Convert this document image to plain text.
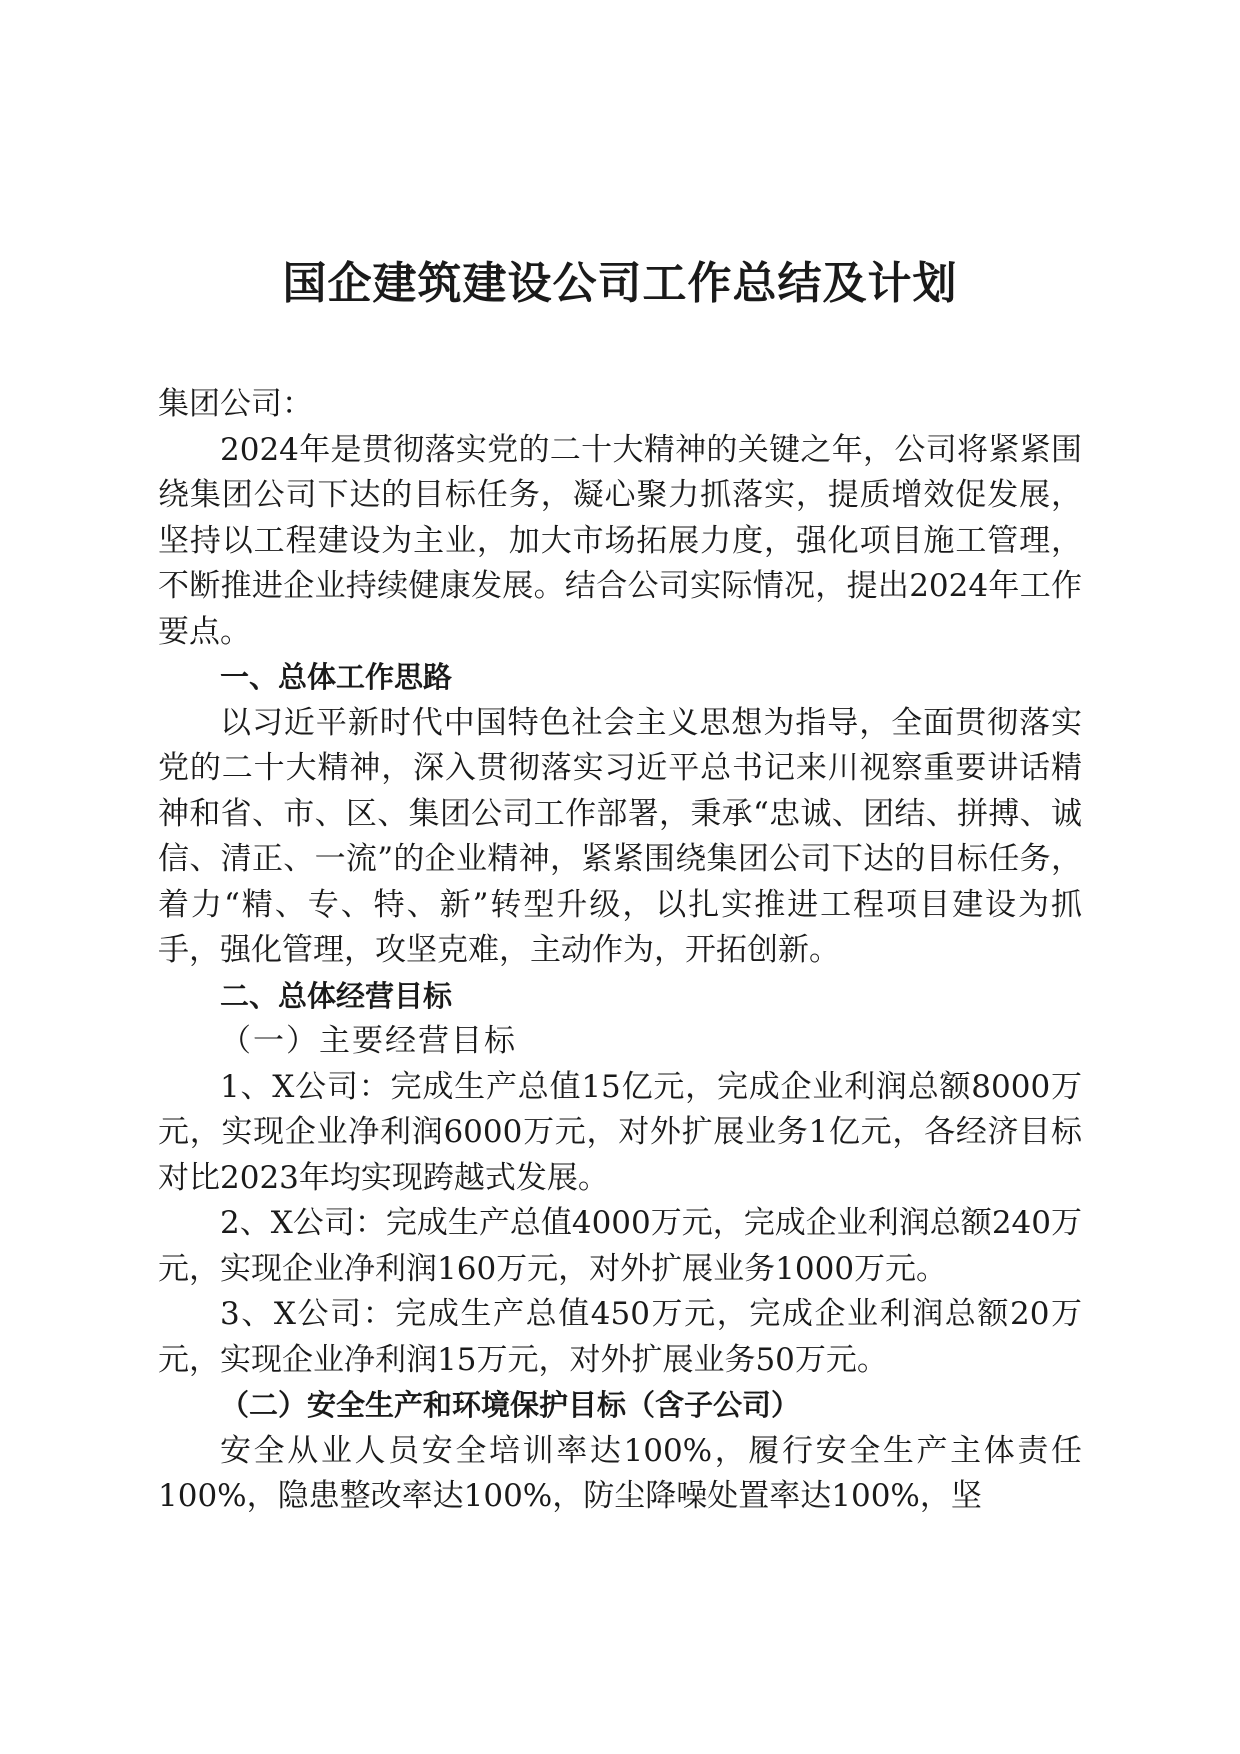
国企建筑建设公司工作总结及计划

集团公司：

2024年是贯彻落实党的二十大精神的关键之年，公司将紧紧围绕集团公司下达的目标任务，凝心聚力抓落实，提质增效促发展，坚持以工程建设为主业，加大市场拓展力度，强化项目施工管理，不断推进企业持续健康发展。结合公司实际情况，提出2024年工作要点。

一、总体工作思路

以习近平新时代中国特色社会主义思想为指导，全面贯彻落实党的二十大精神，深入贯彻落实习近平总书记来川视察重要讲话精神和省、市、区、集团公司工作部署，秉承“忠诚、团结、拼搏、诚信、清正、一流”的企业精神，紧紧围绕集团公司下达的目标任务，着力“精、专、特、新”转型升级，以扎实推进工程项目建设为抓手，强化管理，攻坚克难，主动作为，开拓创新。

二、总体经营目标

（一）主要经营目标

1、X公司：完成生产总值15亿元，完成企业利润总额8000万元，实现企业净利润6000万元，对外扩展业务1亿元，各经济目标对比2023年均实现跨越式发展。

2、X公司：完成生产总值4000万元，完成企业利润总额240万元，实现企业净利润160万元，对外扩展业务1000万元。

3、X公司：完成生产总值450万元，完成企业利润总额20万元，实现企业净利润15万元，对外扩展业务50万元。

（二）安全生产和环境保护目标（含子公司）

安全从业人员安全培训率达100%，履行安全生产主体责任100%，隐患整改率达100%，防尘降噪处置率达100%，坚
